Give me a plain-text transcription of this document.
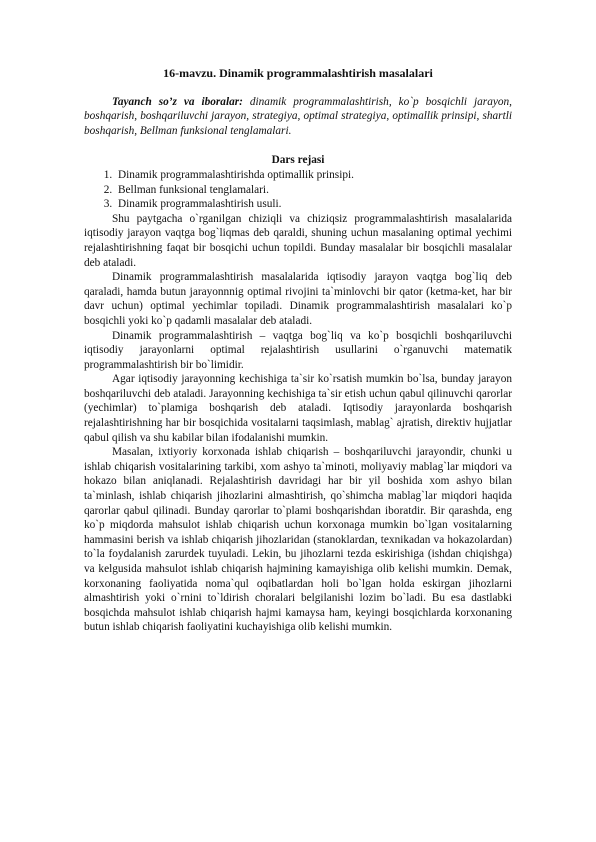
16-mavzu. Dinamik programmalashtirish masalalari

Tayanch so’z va iboralar: dinamik programmalashtirish, ko`p bosqichli jarayon, boshqarish, boshqariluvchi jarayon, strategiya, optimal strategiya, optimallik prinsipi, shartli boshqarish, Bellman funksional tenglamalari.

Dars rejasi
1. Dinamik programmalashtirishda optimallik prinsipi.
2. Bellman funksional tenglamalari.
3. Dinamik programmalashtirish usuli.

Shu paytgacha o`rganilgan chiziqli va chiziqsiz programmalashtirish masalalarida iqtisodiy jarayon vaqtga bog`liqmas deb qaraldi, shuning uchun masalaning optimal yechimi rejalashtirishning faqat bir bosqichi uchun topildi. Bunday masalalar bir bosqichli masalalar deb ataladi.

Dinamik programmalashtirish masalalarida iqtisodiy jarayon vaqtga bog`liq deb qaraladi, hamda butun jarayonnnig optimal rivojini ta`minlovchi bir qator (ketma-ket, har bir davr uchun) optimal yechimlar topiladi. Dinamik programmalashtirish masalalari ko`p bosqichli yoki ko`p qadamli masalalar deb ataladi.

Dinamik programmalashtirish – vaqtga bog`liq va ko`p bosqichli boshqariluvchi iqtisodiy jarayonlarni optimal rejalashtirish usullarini o`rganuvchi matematik programmalashtirish bir bo`limidir.

Agar iqtisodiy jarayonning kechishiga ta`sir ko`rsatish mumkin bo`lsa, bunday jarayon boshqariluvchi deb ataladi. Jarayonning kechishiga ta`sir etish uchun qabul qilinuvchi qarorlar (yechimlar) to`plamiga boshqarish deb ataladi. Iqtisodiy jarayonlarda boshqarish rejalashtirishning har bir bosqichida vositalarni taqsimlash, mablag` ajratish, direktiv hujjatlar qabul qilish va shu kabilar bilan ifodalanishi mumkin.

Masalan, ixtiyoriy korxonada ishlab chiqarish – boshqariluvchi jarayondir, chunki u ishlab chiqarish vositalarining tarkibi, xom ashyo ta`minoti, moliyaviy mablag`lar miqdori va hokazo bilan aniqlanadi. Rejalashtirish davridagi har bir yil boshida xom ashyo bilan ta`minlash, ishlab chiqarish jihozlarini almashtirish, qo`shimcha mablag`lar miqdori haqida qarorlar qabul qilinadi. Bunday qarorlar to`plami boshqarishdan iboratdir. Bir qarashda, eng ko`p miqdorda mahsulot ishlab chiqarish uchun korxonaga mumkin bo`lgan vositalarning hammasini berish va ishlab chiqarish jihozlaridan (stanoklardan, texnikadan va hokazolardan) to`la foydalanish zarurdek tuyuladi. Lekin, bu jihozlarni tezda eskirishiga (ishdan chiqishga) va kelgusida mahsulot ishlab chiqarish hajmining kamayishiga olib kelishi mumkin. Demak, korxonaning faoliyatida noma`qul oqibatlardan holi bo`lgan holda eskirgan jihozlarni almashtirish yoki o`rnini to`ldirish choralari belgilanishi lozim bo`ladi. Bu esa dastlabki bosqichda mahsulot ishlab chiqarish hajmi kamaysa ham, keyingi bosqichlarda korxonaning butun ishlab chiqarish faoliyatini kuchayishiga olib kelishi mumkin.
